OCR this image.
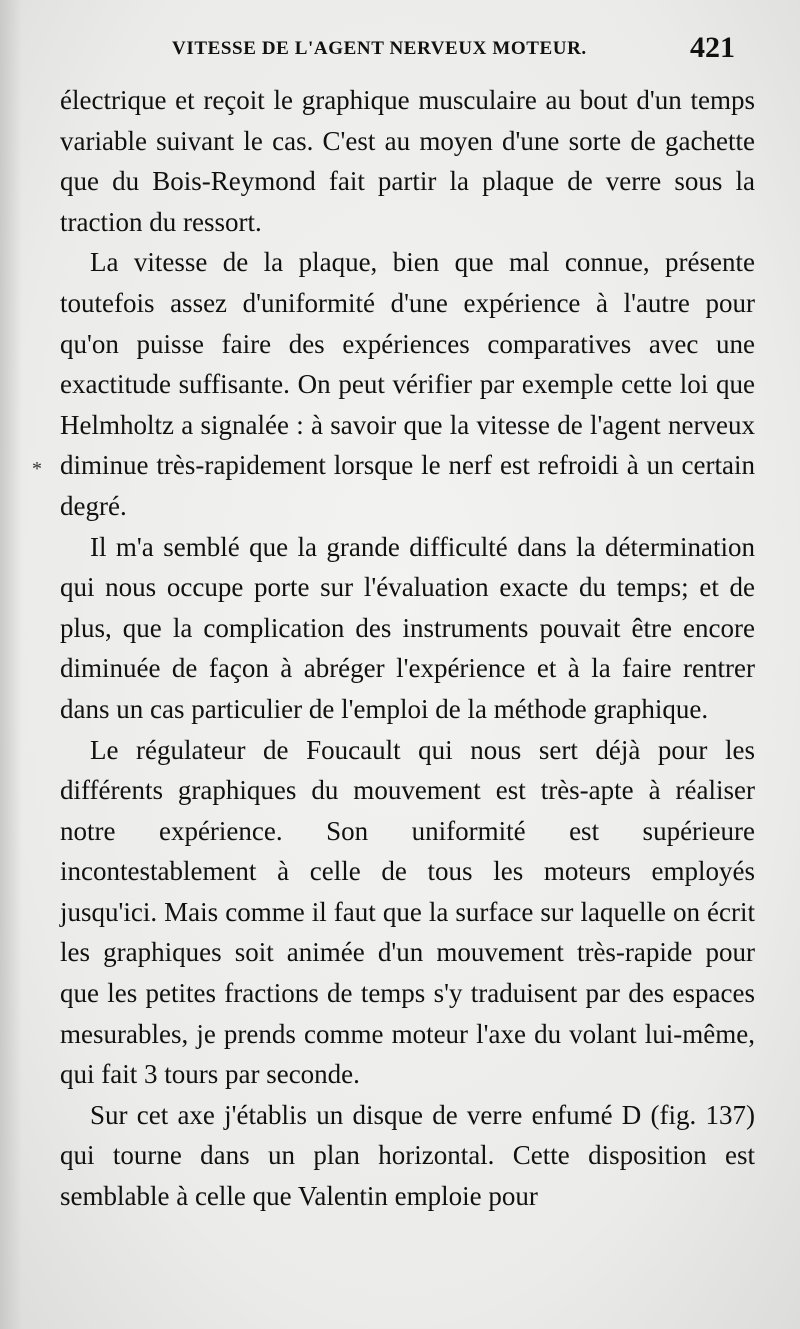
VITESSE DE L'AGENT NERVEUX MOTEUR.	421
*

électrique et reçoit le graphique musculaire au bout d'un temps variable suivant le cas. C'est au moyen d'une sorte de gachette que du Bois-Reymond fait partir la plaque de verre sous la traction du ressort.

La vitesse de la plaque, bien que mal connue, présente toutefois assez d'uniformité d'une expérience à l'autre pour qu'on puisse faire des expériences comparatives avec une exactitude suffisante. On peut vérifier par exemple cette loi que Helmholtz a signalée : à savoir que la vitesse de l'agent nerveux diminue très-rapidement lorsque le nerf est refroidi à un certain degré.

Il m'a semblé que la grande difficulté dans la détermination qui nous occupe porte sur l'évaluation exacte du temps; et de plus, que la complication des instruments pouvait être encore diminuée de façon à abréger l'expérience et à la faire rentrer dans un cas particulier de l'emploi de la méthode graphique.

Le régulateur de Foucault qui nous sert déjà pour les différents graphiques du mouvement est très-apte à réaliser notre expérience. Son uniformité est supérieure incontestablement à celle de tous les moteurs employés jusqu'ici. Mais comme il faut que la surface sur laquelle on écrit les graphiques soit animée d'un mouvement très-rapide pour que les petites fractions de temps s'y traduisent par des espaces mesurables, je prends comme moteur l'axe du volant lui-même, qui fait 3 tours par seconde.

Sur cet axe j'établis un disque de verre enfumé D (fig. 137) qui tourne dans un plan horizontal. Cette disposition est semblable à celle que Valentin emploie pour
